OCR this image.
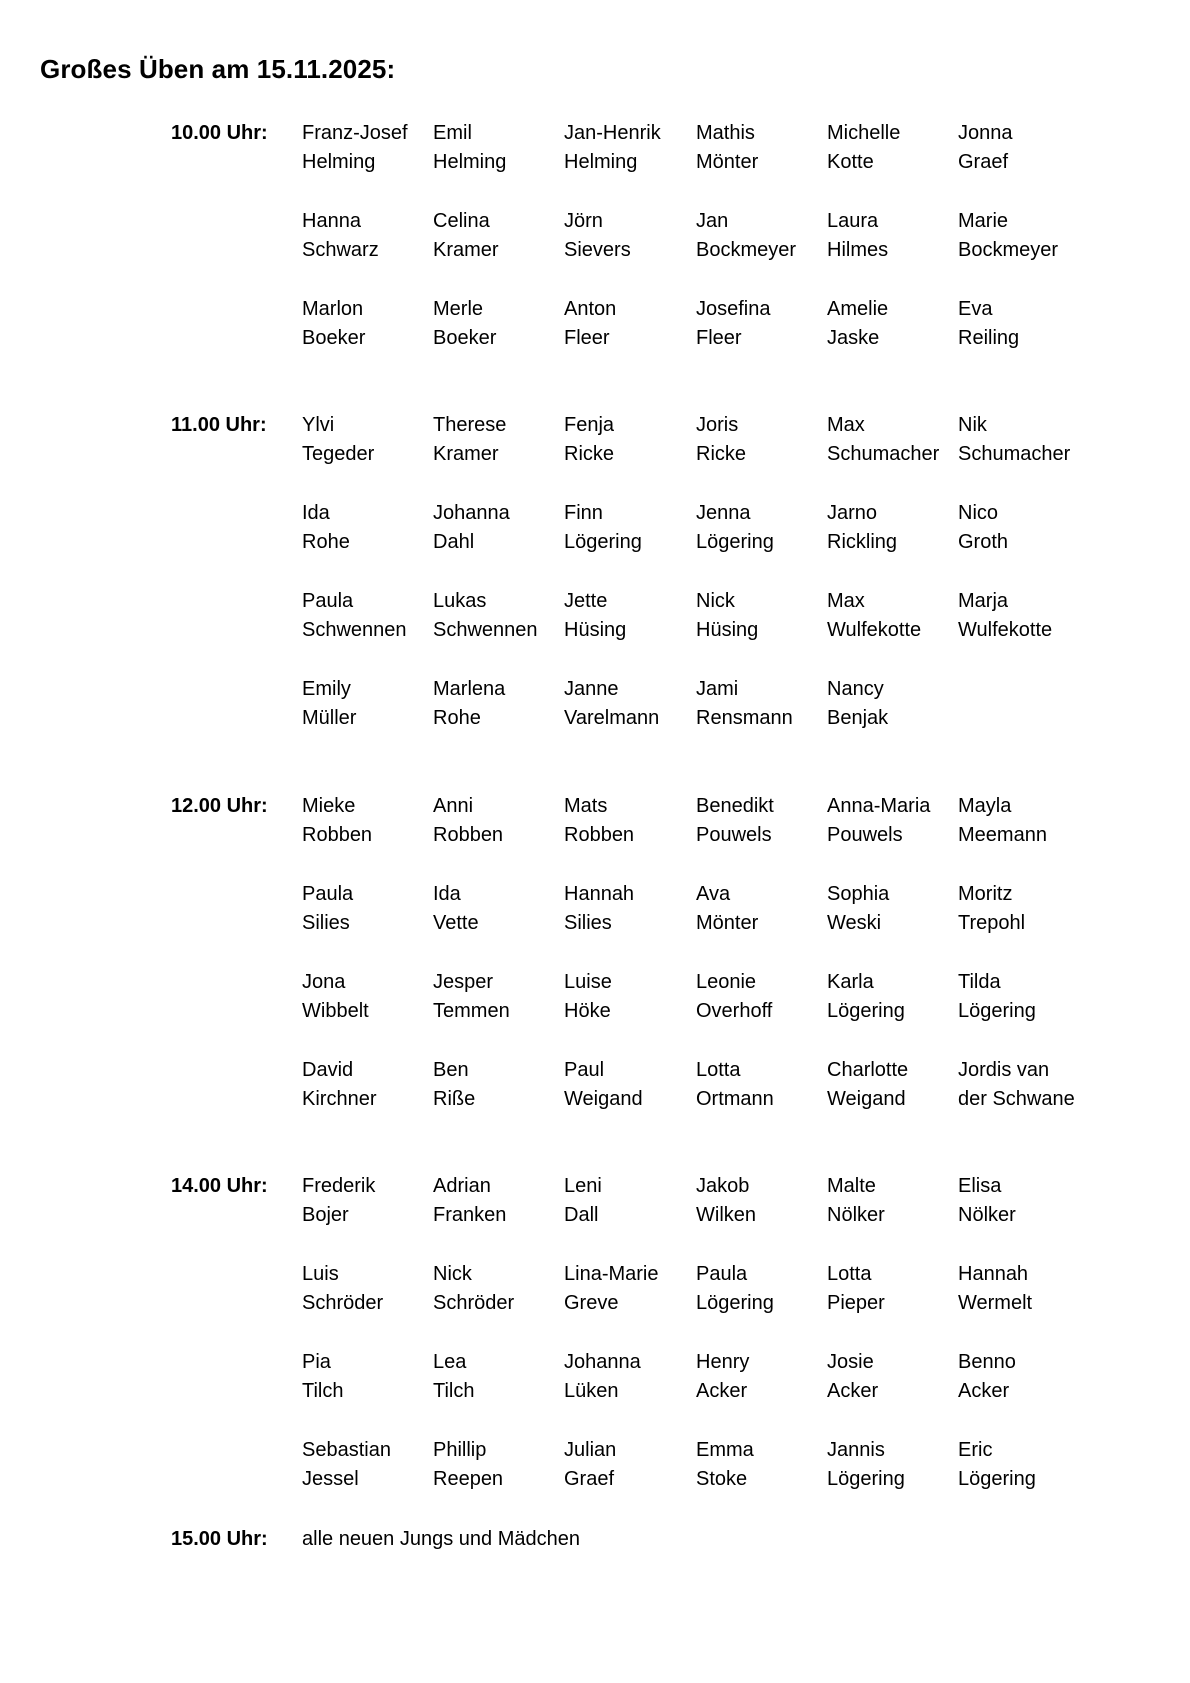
Großes Üben am 15.11.2025:
10.00 Uhr: Franz-Josef
Helming
Emil
Helming
Jan-Henrik
Helming
Mathis
Mönter
Michelle
Kotte
Jonna
Graef
Hanna
Schwarz
Celina
Kramer
Jörn
Sievers
Jan
Bockmeyer
Laura
Hilmes
Marie
Bockmeyer
Marlon
Boeker
Merle
Boeker
Anton
Fleer
Josefina
Fleer
Amelie
Jaske
Eva
Reiling
11.00 Uhr: Ylvi
Tegeder
Therese
Kramer
Fenja
Ricke
Joris
Ricke
Max
Schumacher
Nik
Schumacher
Ida
Rohe
Johanna
Dahl
Finn
Lögering
Jenna
Lögering
Jarno
Rickling
Nico
Groth
Paula
Schwennen
Lukas
Schwennen
Jette
Hüsing
Nick
Hüsing
Max
Wulfekotte
Marja
Wulfekotte
Emily
Müller
Marlena
Rohe
Janne
Varelmann
Jami
Rensmann
Nancy
Benjak
12.00 Uhr: Mieke
Robben
Anni
Robben
Mats
Robben
Benedikt
Pouwels
Anna-Maria
Pouwels
Mayla
Meemann
Paula
Silies
Ida
Vette
Hannah
Silies
Ava
Mönter
Sophia
Weski
Moritz
Trepohl
Jona
Wibbelt
Jesper
Temmen
Luise
Höke
Leonie
Overhoff
Karla
Lögering
Tilda
Lögering
David
Kirchner
Ben
Riße
Paul
Weigand
Lotta
Ortmann
Charlotte
Weigand
Jordis van
der Schwane
14.00 Uhr: Frederik
Bojer
Adrian
Franken
Leni
Dall
Jakob
Wilken
Malte
Nölker
Elisa
Nölker
Luis
Schröder
Nick
Schröder
Lina-Marie
Greve
Paula
Lögering
Lotta
Pieper
Hannah
Wermelt
Pia
Tilch
Lea
Tilch
Johanna
Lüken
Henry
Acker
Josie
Acker
Benno
Acker
Sebastian
Jessel
Phillip
Reepen
Julian
Graef
Emma
Stoke
Jannis
Lögering
Eric
Lögering
15.00 Uhr: alle neuen Jungs und Mädchen
